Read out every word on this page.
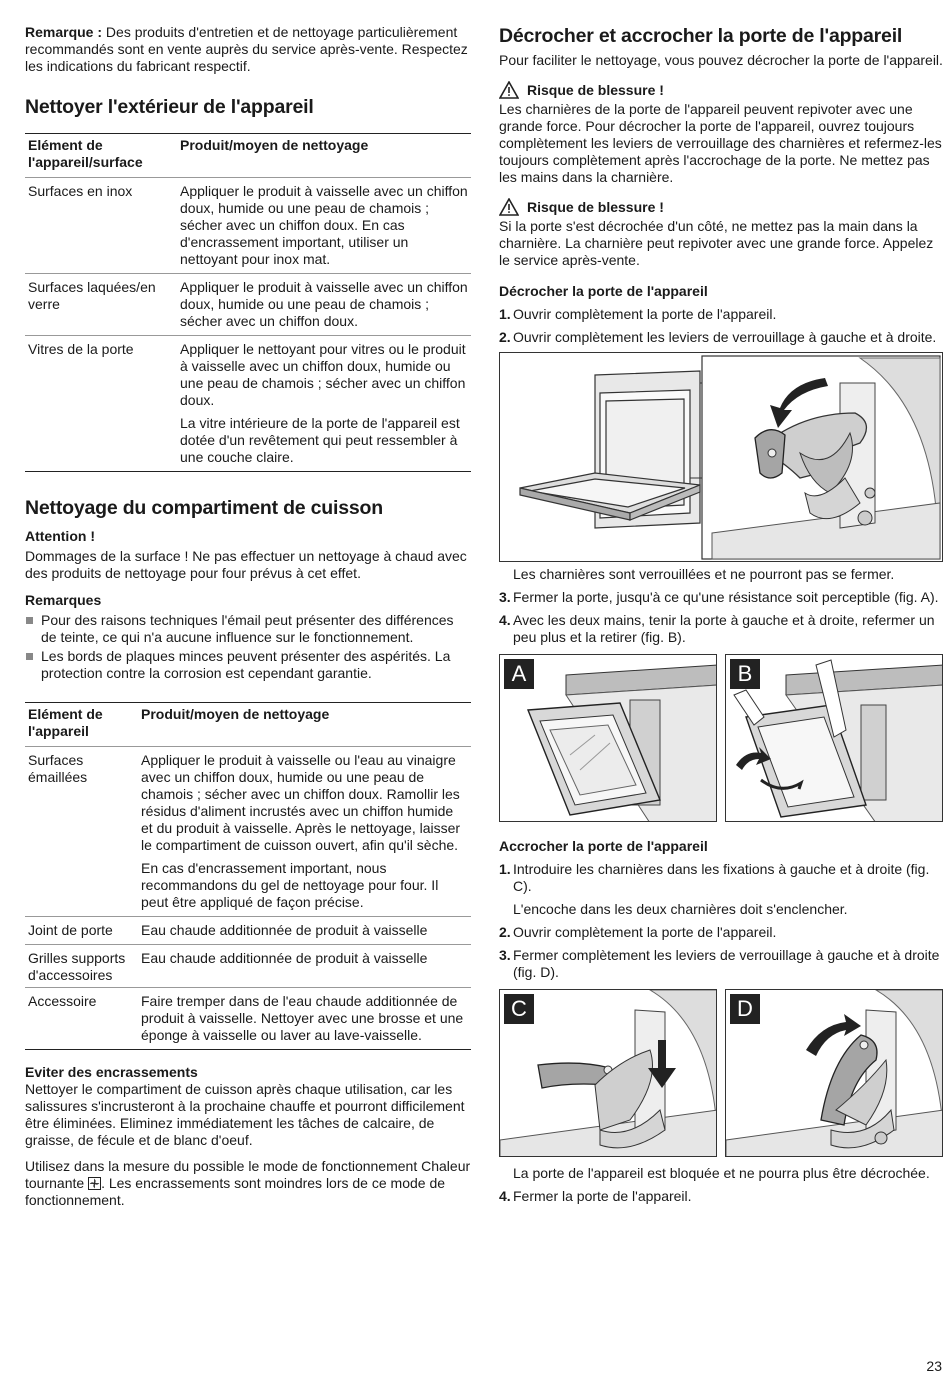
Remarque : Des produits d'entretien et de nettoyage particulièrement recommandés sont en vente auprès du service après-vente. Respectez les indications du fabricant respectif.

Nettoyer l'extérieur de l'appareil
Elément de l'appareil/surface	Produit/moyen de nettoyage
Surfaces en inox	Appliquer le produit à vaisselle avec un chiffon doux, humide ou une peau de chamois ; sécher avec un chiffon doux. En cas d'encrassement important, utiliser un nettoyant pour inox mat.

Surfaces laquées/en verre	Appliquer le produit à vaisselle avec un chiffon doux, humide ou une peau de chamois ; sécher avec un chiffon doux.

Vitres de la porte	Appliquer le nettoyant pour vitres ou le produit à vaisselle avec un chiffon doux, humide ou une peau de chamois ; sécher avec un chiffon doux.

La vitre intérieure de la porte de l'appareil est dotée d'un revêtement qui peut ressembler à une couche claire.

Nettoyage du compartiment de cuisson
Attention !

Dommages de la surface ! Ne pas effectuer un nettoyage à chaud avec des produits de nettoyage pour four prévus à cet effet.

Remarques
Pour des raisons techniques l'émail peut présenter des différences de teinte, ce qui n'a aucune influence sur le fonctionnement.
Les bords de plaques minces peuvent présenter des aspérités. La protection contre la corrosion est cependant garantie.
Elément de l'appareil	Produit/moyen de nettoyage
Surfaces émaillées	Appliquer le produit à vaisselle ou l'eau au vinaigre avec un chiffon doux, humide ou une peau de chamois ; sécher avec un chiffon doux. Ramollir les résidus d'aliment incrustés avec un chiffon humide et du produit à vaisselle. Après le nettoyage, laisser le compartiment de cuisson ouvert, afin qu'il sèche.

En cas d'encrassement important, nous recommandons du gel de nettoyage pour four. Il peut être appliqué de façon précise.

Joint de porte	Eau chaude additionnée de produit à vaisselle

Grilles supports d'accessoires	Eau chaude additionnée de produit à vaisselle

Accessoire	Faire tremper dans de l'eau chaude additionnée de produit à vaisselle. Nettoyer avec une brosse et une éponge à vaisselle ou laver au lave-vaisselle.

Eviter des encrassements

Nettoyer le compartiment de cuisson après chaque utilisation, car les salissures s'incrusteront à la prochaine chauffe et pourront difficilement être éliminées. Eliminez immédiatement les tâches de calcaire, de graisse, de fécule et de blanc d'oeuf.

Utilisez dans la mesure du possible le mode de fonctionnement Chaleur tournante
. Les encrassements sont moindres lors de ce mode de fonctionnement.

Décrocher et accrocher la porte de l'appareil

Pour faciliter le nettoyage, vous pouvez décrocher la porte de l'appareil.

Risque de blessure !

Les charnières de la porte de l'appareil peuvent repivoter avec une grande force. Pour décrocher la porte de l'appareil, ouvrez toujours complètement les leviers de verrouillage des charnières et refermez-les toujours complètement après l'accrochage de la porte. Ne mettez pas les mains dans la charnière.

Risque de blessure !

Si la porte s'est décrochée d'un côté, ne mettez pas la main dans la charnière. La charnière peut repivoter avec une grande force. Appelez le service après-vente.

Décrocher la porte de l'appareil
1. Ouvrir complètement la porte de l'appareil.
2. Ouvrir complètement les leviers de verrouillage à gauche et à droite.

Les charnières sont verrouillées et ne pourront pas se fermer.

3. Fermer la porte, jusqu'à ce qu'une résistance soit perceptible (fig. A).
4. Avec les deux mains, tenir la porte à gauche et à droite, refermer un peu plus et la retirer (fig. B).
A	B
Accrocher la porte de l'appareil
1. Introduire les charnières dans les fixations à gauche et à droite (fig. C).

L'encoche dans les deux charnières doit s'enclencher.

2. Ouvrir complètement la porte de l'appareil.
3. Fermer complètement les leviers de verrouillage à gauche et à droite (fig. D).
C	D

La porte de l'appareil est bloquée et ne pourra plus être décrochée.

4. Fermer la porte de l'appareil.
23
